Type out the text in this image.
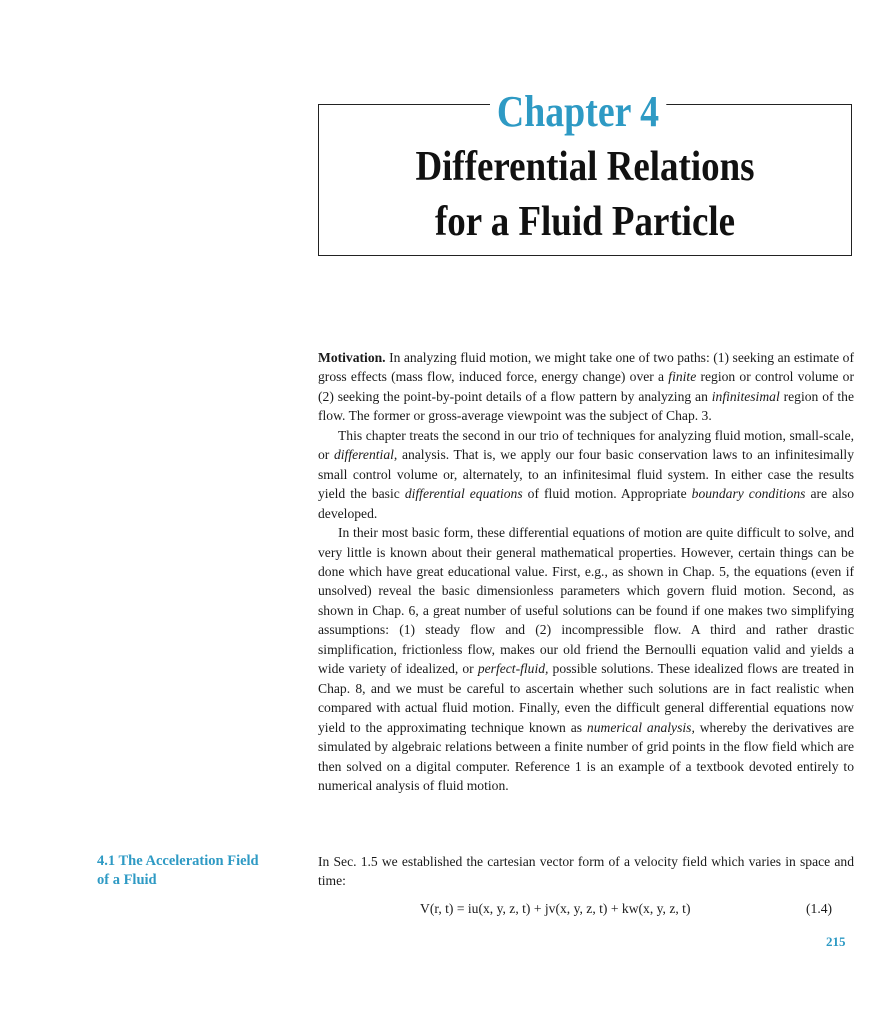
Chapter 4
Differential Relations
for a Fluid Particle

Motivation. In analyzing fluid motion, we might take one of two paths: (1) seeking an estimate of gross effects (mass flow, induced force, energy change) over a finite region or control volume or (2) seeking the point-by-point details of a flow pattern by analyzing an infinitesimal region of the flow. The former or gross-average viewpoint was the subject of Chap. 3.

This chapter treats the second in our trio of techniques for analyzing fluid motion, small-scale, or differential, analysis. That is, we apply our four basic conservation laws to an infinitesimally small control volume or, alternately, to an infinitesimal fluid system. In either case the results yield the basic differential equations of fluid motion. Appropriate boundary conditions are also developed.

In their most basic form, these differential equations of motion are quite difficult to solve, and very little is known about their general mathematical properties. However, certain things can be done which have great educational value. First, e.g., as shown in Chap. 5, the equations (even if unsolved) reveal the basic dimensionless parameters which govern fluid motion. Second, as shown in Chap. 6, a great number of useful solutions can be found if one makes two simplifying assumptions: (1) steady flow and (2) incompressible flow. A third and rather drastic simplification, frictionless flow, makes our old friend the Bernoulli equation valid and yields a wide variety of idealized, or perfect-fluid, possible solutions. These idealized flows are treated in Chap. 8, and we must be careful to ascertain whether such solutions are in fact realistic when compared with actual fluid motion. Finally, even the difficult general differential equations now yield to the approximating technique known as numerical analysis, whereby the derivatives are simulated by algebraic relations between a finite number of grid points in the flow field which are then solved on a digital computer. Reference 1 is an example of a textbook devoted entirely to numerical analysis of fluid motion.

4.1 The Acceleration Field
of a Fluid
In Sec. 1.5 we established the cartesian vector form of a velocity field which varies in space and time:
V(r, t) = iu(x, y, z, t) + jv(x, y, z, t) + kw(x, y, z, t)	(1.4)
215
